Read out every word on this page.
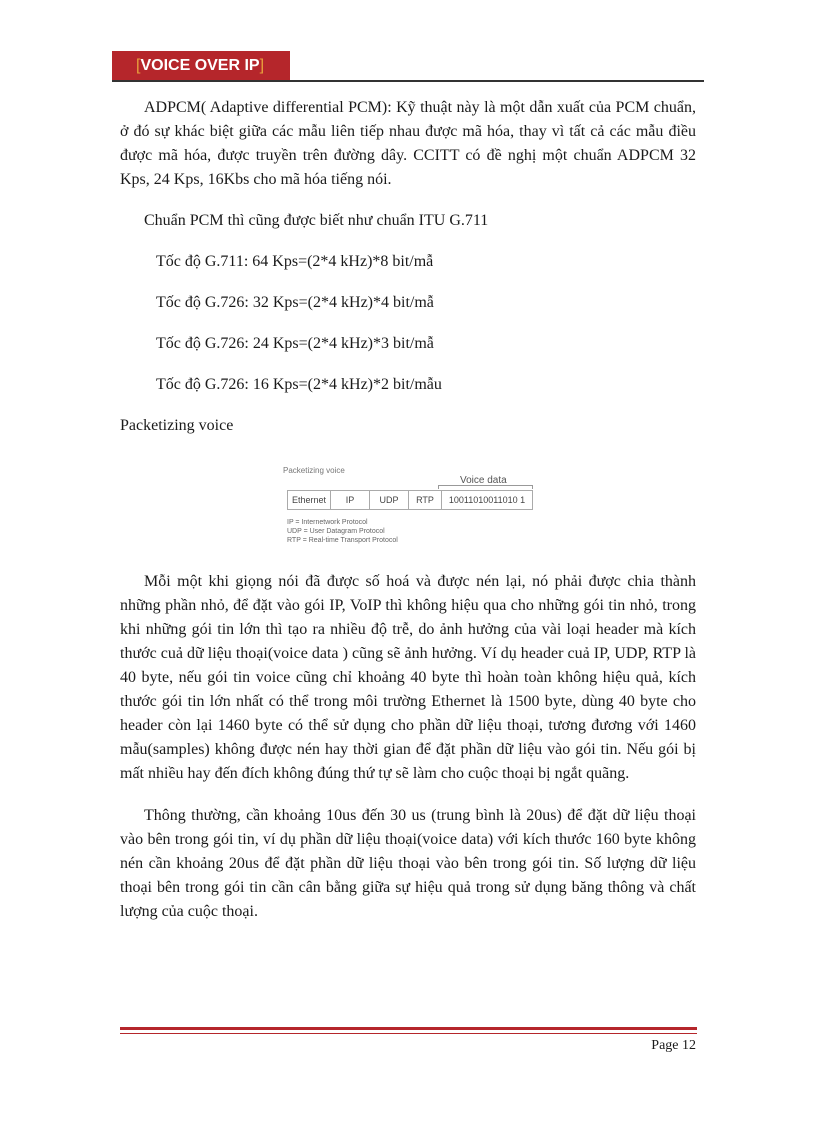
[VOICE OVER IP]

ADPCM( Adaptive differential PCM): Kỹ thuật này là một dẫn xuất của PCM chuẩn, ở đó sự khác biệt giữa các mẫu liên tiếp nhau được mã hóa, thay vì tất cả các mẫu điều được mã hóa, được truyền trên đường dây. CCITT có đề nghị một chuẩn ADPCM 32 Kps, 24 Kps, 16Kbs cho mã hóa tiếng nói.

Chuẩn PCM thì cũng được biết như chuẩn ITU G.711

Tốc độ G.711: 64 Kps=(2*4 kHz)*8 bit/mẫ

Tốc độ G.726: 32 Kps=(2*4 kHz)*4 bit/mẫ

Tốc độ G.726: 24 Kps=(2*4 kHz)*3 bit/mẫ

Tốc độ G.726: 16 Kps=(2*4 kHz)*2 bit/mẫu

Packetizing voice

Packetizing voice
Voice data
Ethernet	IP	UDP	RTP	10011010011010 1
IP = Internetwork Protocol
UDP = User Datagram Protocol
RTP = Real-time Transport Protocol

Mỗi một khi giọng nói đã được số hoá và được nén lại, nó phải được chia thành những phần nhỏ, để đặt vào gói IP, VoIP thì không hiệu qua cho những gói tin nhỏ, trong khi những gói tin lớn thì tạo ra nhiều độ trễ, do ảnh hưởng của vài loại header mà kích thước cuả dữ liệu thoại(voice data ) cũng sẽ ảnh hưởng. Ví dụ header cuả IP, UDP, RTP là 40 byte, nếu gói tin voice cũng chỉ khoảng 40 byte thì hoàn toàn không hiệu quả, kích thước gói tin lớn nhất có thể trong môi trường Ethernet là 1500 byte, dùng 40 byte cho header còn lại 1460 byte có thể sử dụng cho phần dữ liệu thoại, tương đương với 1460 mẫu(samples) không được nén hay thời gian để đặt phần dữ liệu vào gói tin. Nếu gói bị mất nhiều hay đến đích không đúng thứ tự sẽ làm cho cuộc thoại bị ngắt quãng.

Thông thường, cần khoảng 10us đến 30 us (trung bình là 20us) để đặt dữ liệu thoại vào bên trong gói tin, ví dụ phần dữ liệu thoại(voice data) với kích thước 160 byte không nén cần khoảng 20us để đặt phần dữ liệu thoại vào bên trong gói tin. Số lượng dữ liệu thoại bên trong gói tin cần cân bằng giữa sự hiệu quả trong sử dụng băng thông và chất lượng của cuộc thoại.

Page 12
